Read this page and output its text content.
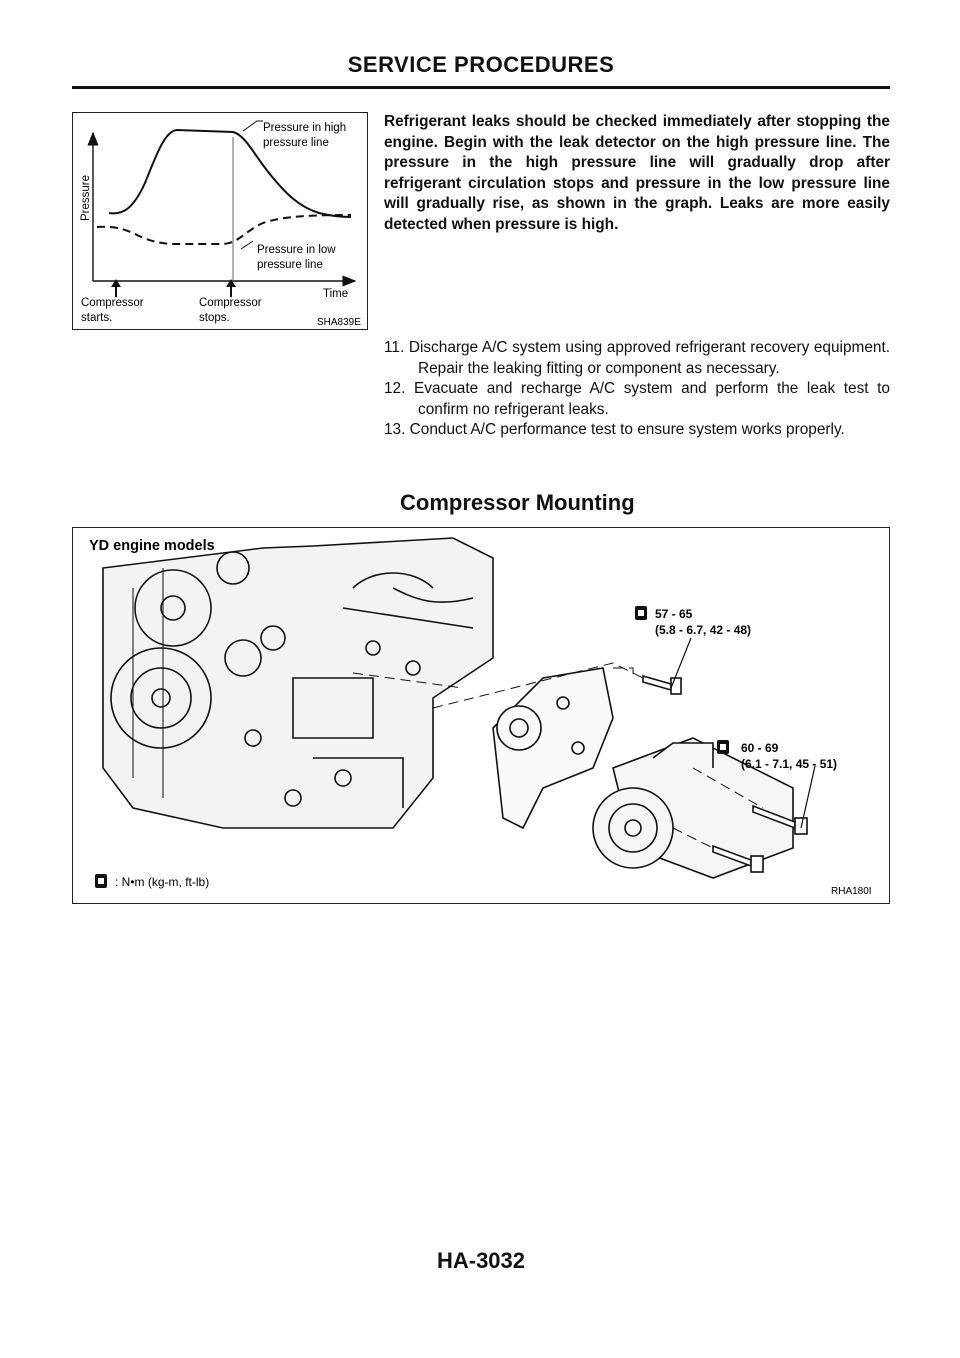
SERVICE PROCEDURES
Pressure in high
pressure line
Pressure in low
pressure line
Pressure
Time
Compressor
starts.
Compressor
stops.	SHA839E
Refrigerant leaks should be checked immediately after stopping the engine. Begin with the leak detector on the high pressure line. The pressure in the high pressure line will gradually drop after refrigerant circulation stops and pressure in the low pressure line will gradually rise, as shown in the graph. Leaks are more easily detected when pressure is high.
11. Discharge A/C system using approved refrigerant recovery equipment. Repair the leaking fitting or component as necessary.
12. Evacuate and recharge A/C system and perform the leak test to confirm no refrigerant leaks.
13. Conduct A/C performance test to ensure system works properly.
Compressor Mounting
YD engine models
57 - 65
(5.8 - 6.7, 42 - 48)
60 - 69
(6.1 - 7.1, 45 - 51)
: N•m (kg-m, ft-lb)
RHA180I
HA-3032
